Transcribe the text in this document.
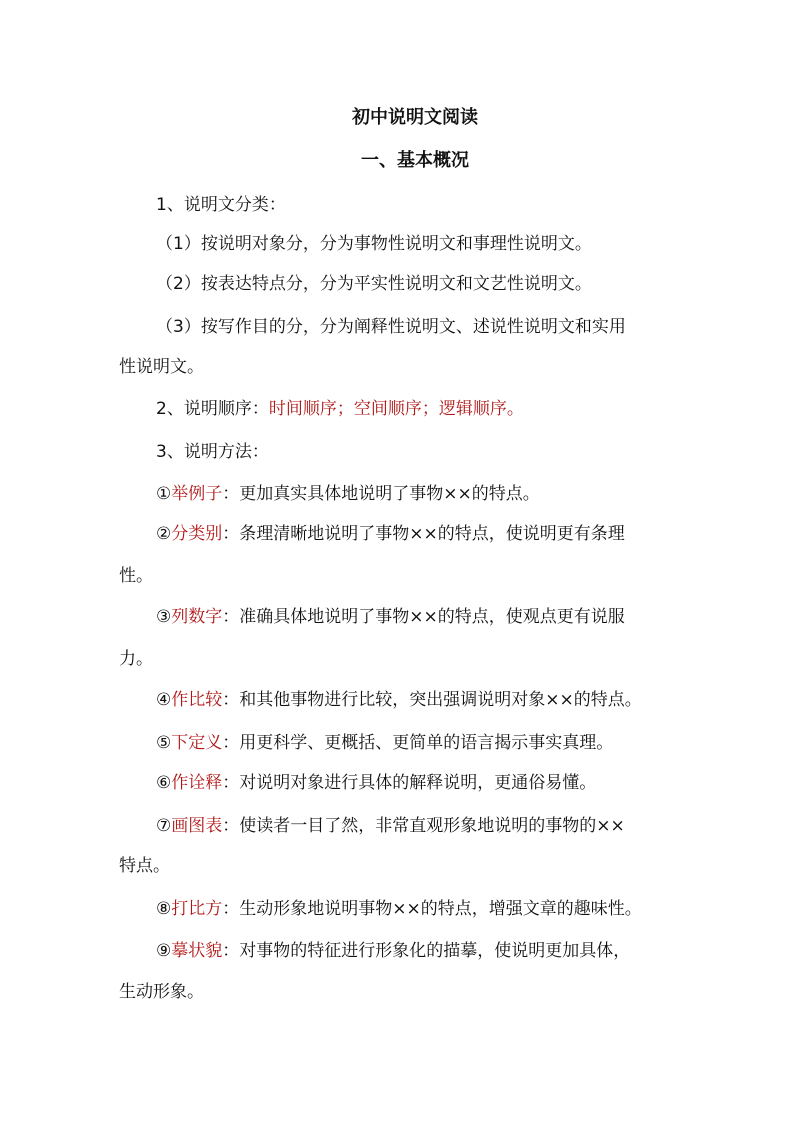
初中说明文阅读
一、基本概况
1、说明文分类：
（1）按说明对象分，分为事物性说明文和事理性说明文。
（2）按表达特点分，分为平实性说明文和文艺性说明文。
（3）按写作目的分，分为阐释性说明文、述说性说明文和实用
性说明文。
2、说明顺序：时间顺序；空间顺序；逻辑顺序。
3、说明方法：
①举例子：更加真实具体地说明了事物××的特点。
②分类别：条理清晰地说明了事物××的特点，使说明更有条理
性。
③列数字：准确具体地说明了事物××的特点，使观点更有说服
力。
④作比较：和其他事物进行比较，突出强调说明对象××的特点。
⑤下定义：用更科学、更概括、更简单的语言揭示事实真理。
⑥作诠释：对说明对象进行具体的解释说明，更通俗易懂。
⑦画图表：使读者一目了然，非常直观形象地说明的事物的××
特点。
⑧打比方：生动形象地说明事物××的特点，增强文章的趣味性。
⑨摹状貌：对事物的特征进行形象化的描摹，使说明更加具体，
生动形象。
